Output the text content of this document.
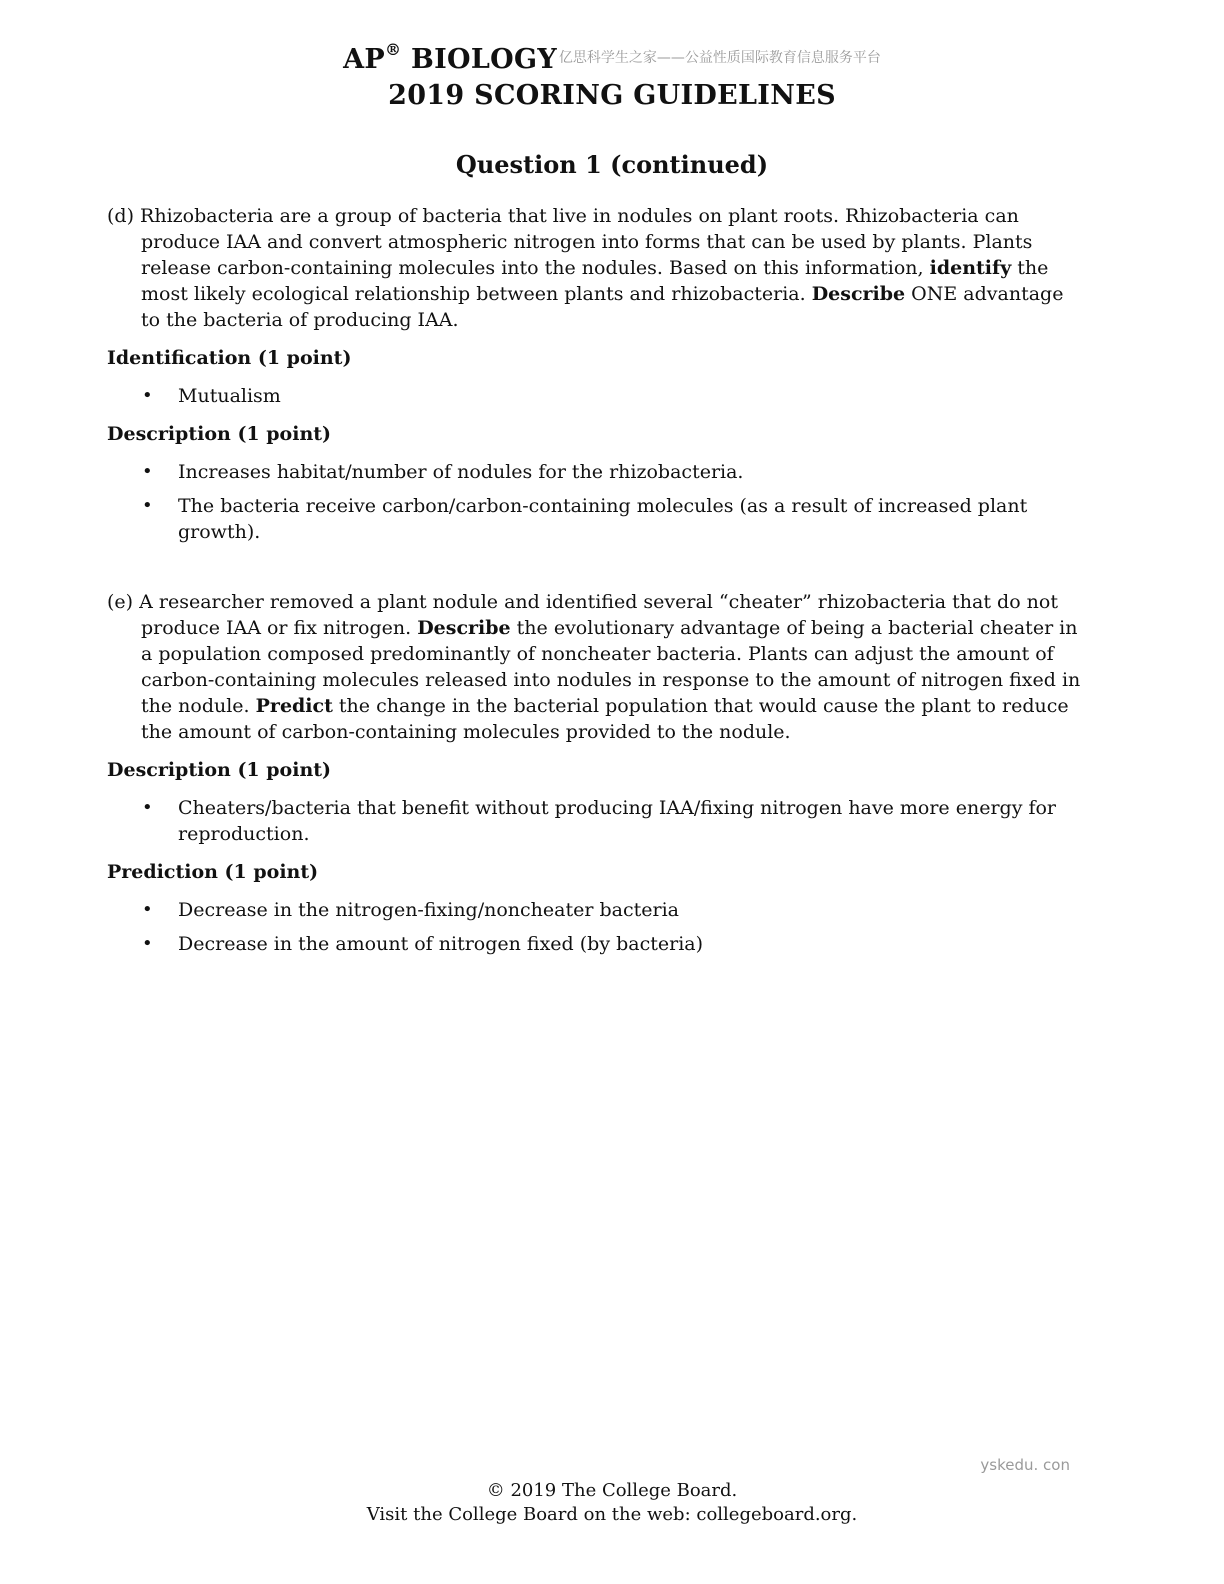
AP® BIOLOGY 亿思科学生之家——公益性质国际教育信息服务平台
2019 SCORING GUIDELINES
Question 1 (continued)

(d) Rhizobacteria are a group of bacteria that live in nodules on plant roots. Rhizobacteria can produce IAA and convert atmospheric nitrogen into forms that can be used by plants. Plants release carbon-containing molecules into the nodules. Based on this information, identify the most likely ecological relationship between plants and rhizobacteria. Describe ONE advantage to the bacteria of producing IAA.

Identification (1 point)
• Mutualism
Description (1 point)
• Increases habitat/number of nodules for the rhizobacteria.
• The bacteria receive carbon/carbon-containing molecules (as a result of increased plant growth).

(e) A researcher removed a plant nodule and identified several “cheater” rhizobacteria that do not produce IAA or fix nitrogen. Describe the evolutionary advantage of being a bacterial cheater in a population composed predominantly of noncheater bacteria. Plants can adjust the amount of carbon-containing molecules released into nodules in response to the amount of nitrogen fixed in the nodule. Predict the change in the bacterial population that would cause the plant to reduce the amount of carbon-containing molecules provided to the nodule.

Description (1 point)
• Cheaters/bacteria that benefit without producing IAA/fixing nitrogen have more energy for reproduction.
Prediction (1 point)
• Decrease in the nitrogen-fixing/noncheater bacteria
• Decrease in the amount of nitrogen fixed (by bacteria)
yskedu. con
© 2019 The College Board.
Visit the College Board on the web: collegeboard.org.
